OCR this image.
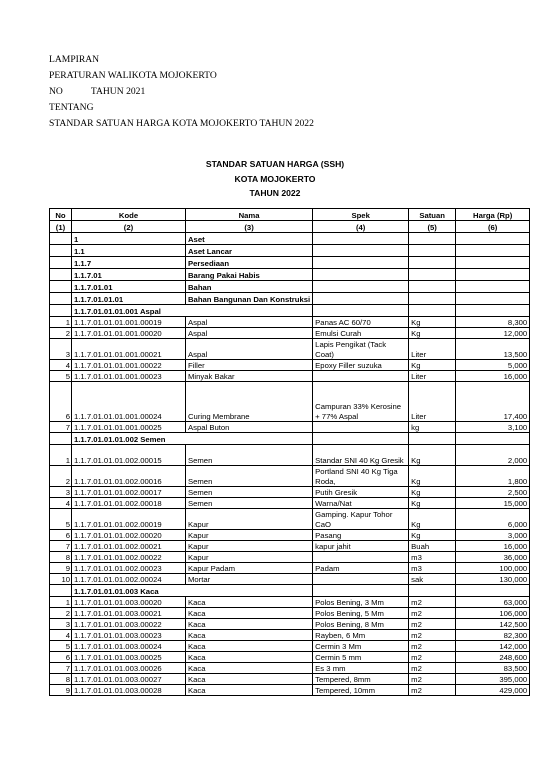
LAMPIRAN
PERATURAN WALIKOTA MOJOKERTO
NO	TAHUN 2021
TENTANG
STANDAR SATUAN HARGA KOTA MOJOKERTO TAHUN 2022
STANDAR SATUAN HARGA (SSH)
KOTA MOJOKERTO
TAHUN 2022
No	Kode	Nama	Spek	Satuan	Harga (Rp)
(1)	(2)	(3)	(4)	(5)	(6)
	1	Aset			
	1.1	Aset Lancar			
	1.1.7	Persediaan			
	1.1.7.01	Barang Pakai Habis			
	1.1.7.01.01	Bahan			
	1.1.7.01.01.01	Bahan Bangunan Dan Konstruksi			
	1.1.7.01.01.01.001 Aspal				
1	1.1.7.01.01.01.001.00019	Aspal	Panas AC 60/70	Kg	8,300
2	1.1.7.01.01.01.001.00020	Aspal	Emulsi Curah	Kg	12,000
3	1.1.7.01.01.01.001.00021	Aspal	Lapis Pengikat (Tack Coat)	Liter	13,500
4	1.1.7.01.01.01.001.00022	Filler	Epoxy Filler suzuka	Kg	5,000
5	1.1.7.01.01.01.001.00023	Minyak Bakar		Liter	16,000
6	1.1.7.01.01.01.001.00024	Curing Membrane	Campuran 33% Kerosine + 77% Aspal	Liter	17,400
7	1.1.7.01.01.01.001.00025	Aspal Buton		kg	3,100
	1.1.7.01.01.01.002 Semen				
1	1.1.7.01.01.01.002.00015	Semen	Standar SNI 40 Kg Gresik	Kg	2,000
2	1.1.7.01.01.01.002.00016	Semen	Portland SNI 40 Kg Tiga Roda,	Kg	1,800
3	1.1.7.01.01.01.002.00017	Semen	Putih Gresik	Kg	2,500
4	1.1.7.01.01.01.002.00018	Semen	Warna/Nat	Kg	15,000
5	1.1.7.01.01.01.002.00019	Kapur	Gamping. Kapur Tohor CaO	Kg	6,000
6	1.1.7.01.01.01.002.00020	Kapur	Pasang	Kg	3,000
7	1.1.7.01.01.01.002.00021	Kapur	kapur jahit	Buah	16,000
8	1.1.7.01.01.01.002.00022	Kapur		m3	36,000
9	1.1.7.01.01.01.002.00023	Kapur Padam	Padam	m3	100,000
10	1.1.7.01.01.01.002.00024	Mortar		sak	130,000
	1.1.7.01.01.01.003 Kaca				
1	1.1.7.01.01.01.003.00020	Kaca	Polos Bening, 3 Mm	m2	63,000
2	1.1.7.01.01.01.003.00021	Kaca	Polos Bening, 5 Mm	m2	106,000
3	1.1.7.01.01.01.003.00022	Kaca	Polos Bening, 8 Mm	m2	142,500
4	1.1.7.01.01.01.003.00023	Kaca	Rayben, 6 Mm	m2	82,300
5	1.1.7.01.01.01.003.00024	Kaca	Cermin 3 Mm	m2	142,000
6	1.1.7.01.01.01.003.00025	Kaca	Cermin 5 mm	m2	248,600
7	1.1.7.01.01.01.003.00026	Kaca	Es 3 mm	m2	83,500
8	1.1.7.01.01.01.003.00027	Kaca	Tempered, 8mm	m2	395,000
9	1.1.7.01.01.01.003.00028	Kaca	Tempered, 10mm	m2	429,000
